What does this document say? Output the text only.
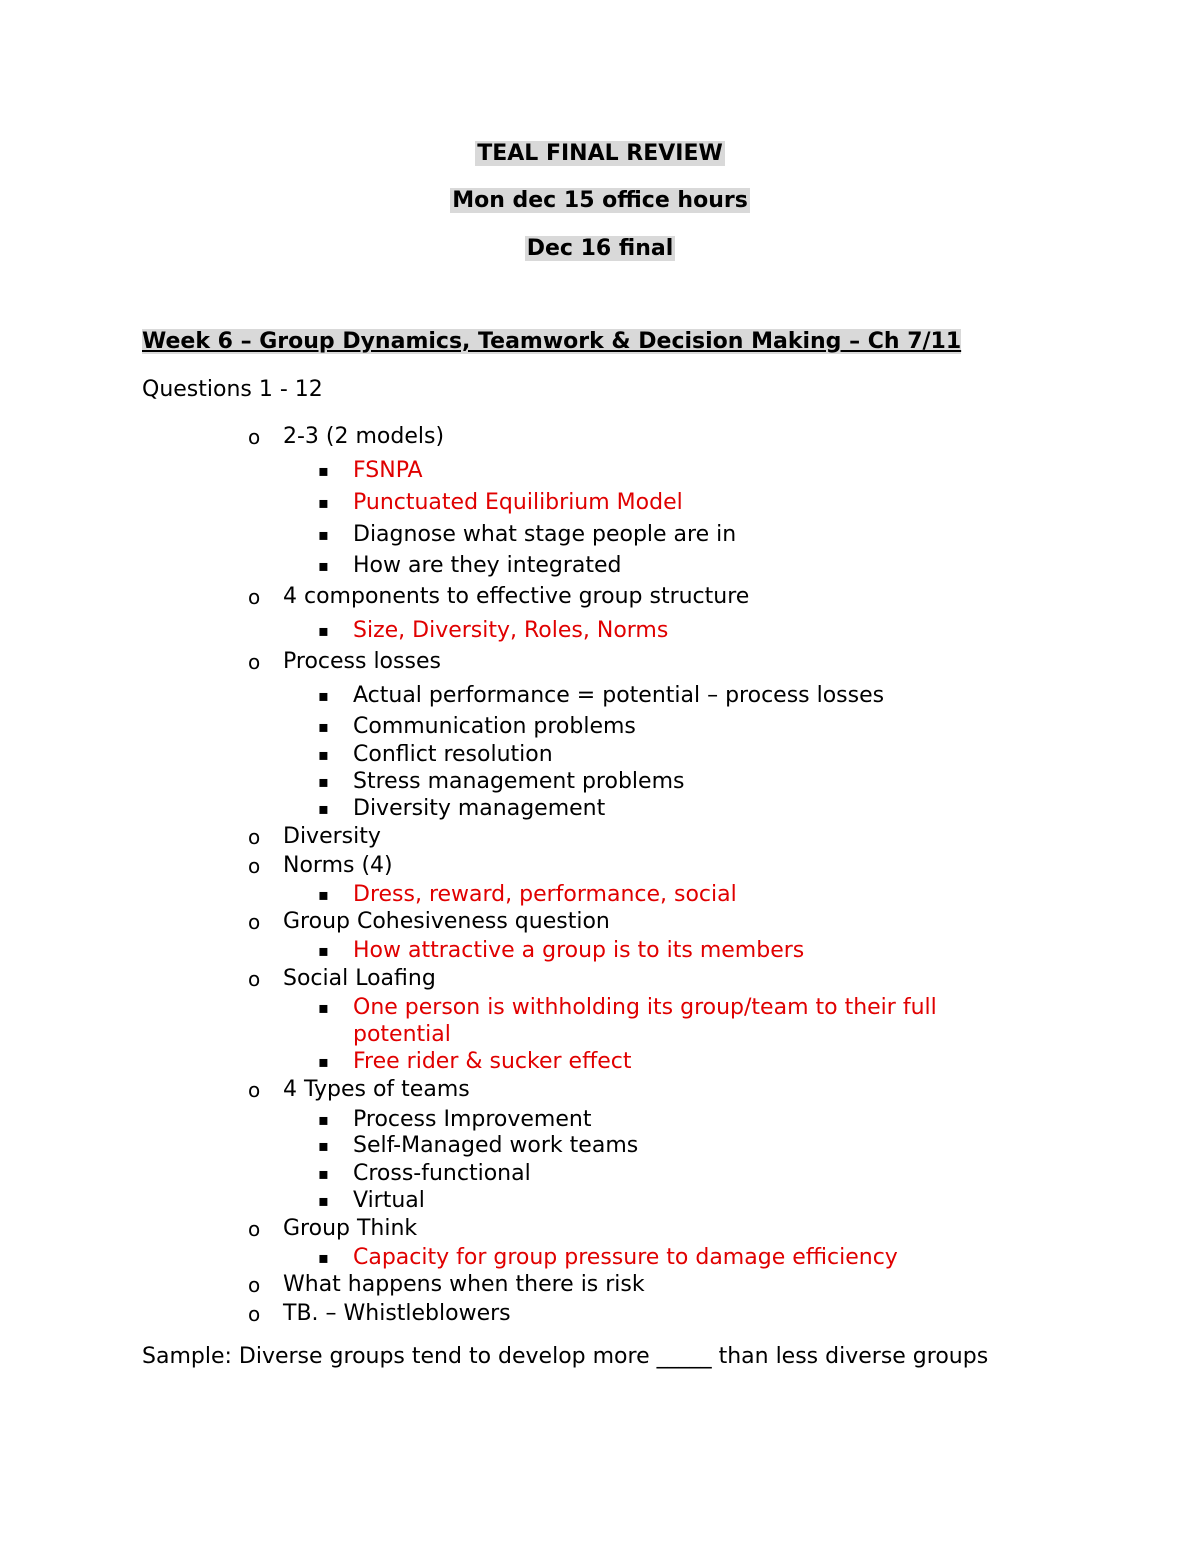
TEAL FINAL REVIEW
Mon dec 15 office hours
Dec 16 final
Week 6 – Group Dynamics, Teamwork & Decision Making – Ch 7/11
Questions 1 - 12
o 2-3 (2 models)
▪ FSNPA
▪ Punctuated Equilibrium Model
▪ Diagnose what stage people are in
▪ How are they integrated
o 4 components to effective group structure
▪ Size, Diversity, Roles, Norms
o Process losses
▪ Actual performance = potential – process losses
▪ Communication problems
▪ Conflict resolution
▪ Stress management problems
▪ Diversity management
o Diversity
o Norms (4)
▪ Dress, reward, performance, social
o Group Cohesiveness question
▪ How attractive a group is to its members
o Social Loafing
▪ One person is withholding its group/team to their full
potential
▪ Free rider & sucker effect
o 4 Types of teams
▪ Process Improvement
▪ Self-Managed work teams
▪ Cross-functional
▪ Virtual
o Group Think
▪ Capacity for group pressure to damage efficiency
o What happens when there is risk
o TB. – Whistleblowers
Sample: Diverse groups tend to develop more _____ than less diverse groups
